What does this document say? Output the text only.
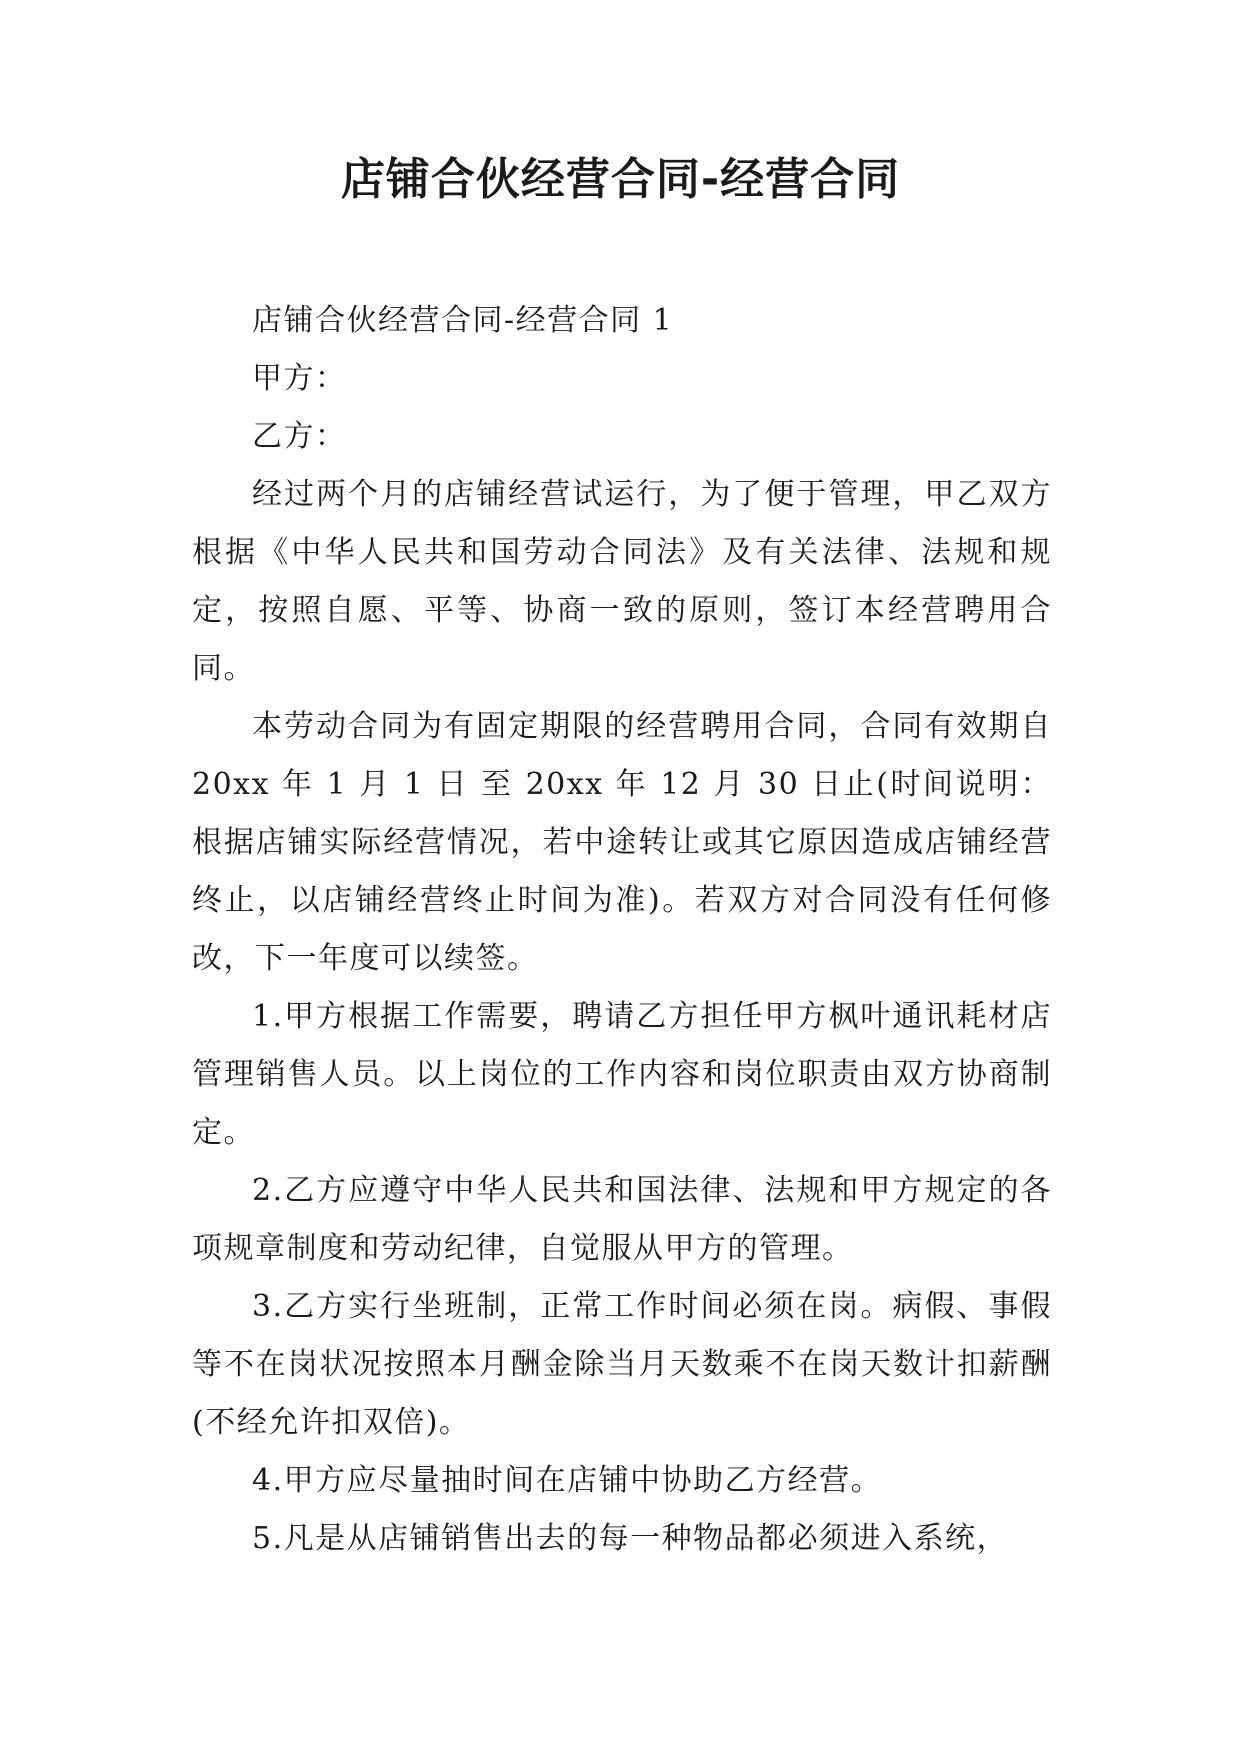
店铺合伙经营合同-经营合同

店铺合伙经营合同-经营合同 1

甲方：

乙方：

经过两个月的店铺经营试运行，为了便于管理，甲乙双方根据《中华人民共和国劳动合同法》及有关法律、法规和规定，按照自愿、平等、协商一致的原则，签订本经营聘用合同。

本劳动合同为有固定期限的经营聘用合同，合同有效期自 20xx 年 1 月 1 日 至 20xx 年 12 月 30 日止(时间说明：根据店铺实际经营情况，若中途转让或其它原因造成店铺经营终止，以店铺经营终止时间为准)。若双方对合同没有任何修改，下一年度可以续签。

1.甲方根据工作需要，聘请乙方担任甲方枫叶通讯耗材店管理销售人员。以上岗位的工作内容和岗位职责由双方协商制定。

2.乙方应遵守中华人民共和国法律、法规和甲方规定的各项规章制度和劳动纪律，自觉服从甲方的管理。

3.乙方实行坐班制，正常工作时间必须在岗。病假、事假等不在岗状况按照本月酬金除当月天数乘不在岗天数计扣薪酬(不经允许扣双倍)。

4.甲方应尽量抽时间在店铺中协助乙方经营。

5.凡是从店铺销售出去的每一种物品都必须进入系统，
